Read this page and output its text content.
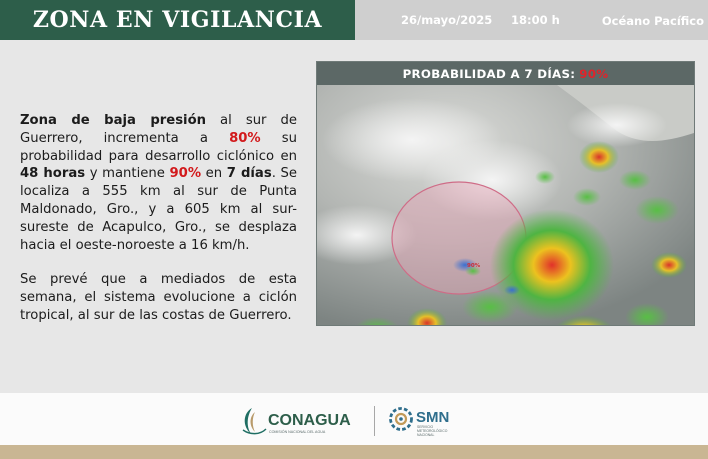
ZONA EN VIGILANCIA	26/mayo/2025 18:00 h	Océano Pacífico

Zona de baja presión al sur de Guerrero, incrementa a 80% su probabilidad para desarrollo ciclónico en 48 horas y mantiene 90% en 7 días. Se localiza a 555 km al sur de Punta Maldonado, Gro., y a 605 km al sur-sureste de Acapulco, Gro., se desplaza hacia el oeste-noroeste a 16 km/h.

Se prevé que a mediados de esta semana, el sistema evolucione a ciclón tropical, al sur de las costas de Guerrero.

PROBABILIDAD A 7 DÍAS: 90%
90%
CONAGUA
COMISIÓN NACIONAL DEL AGUA
SMN
SERVICIO
METEOROLÓGICO
NACIONAL
